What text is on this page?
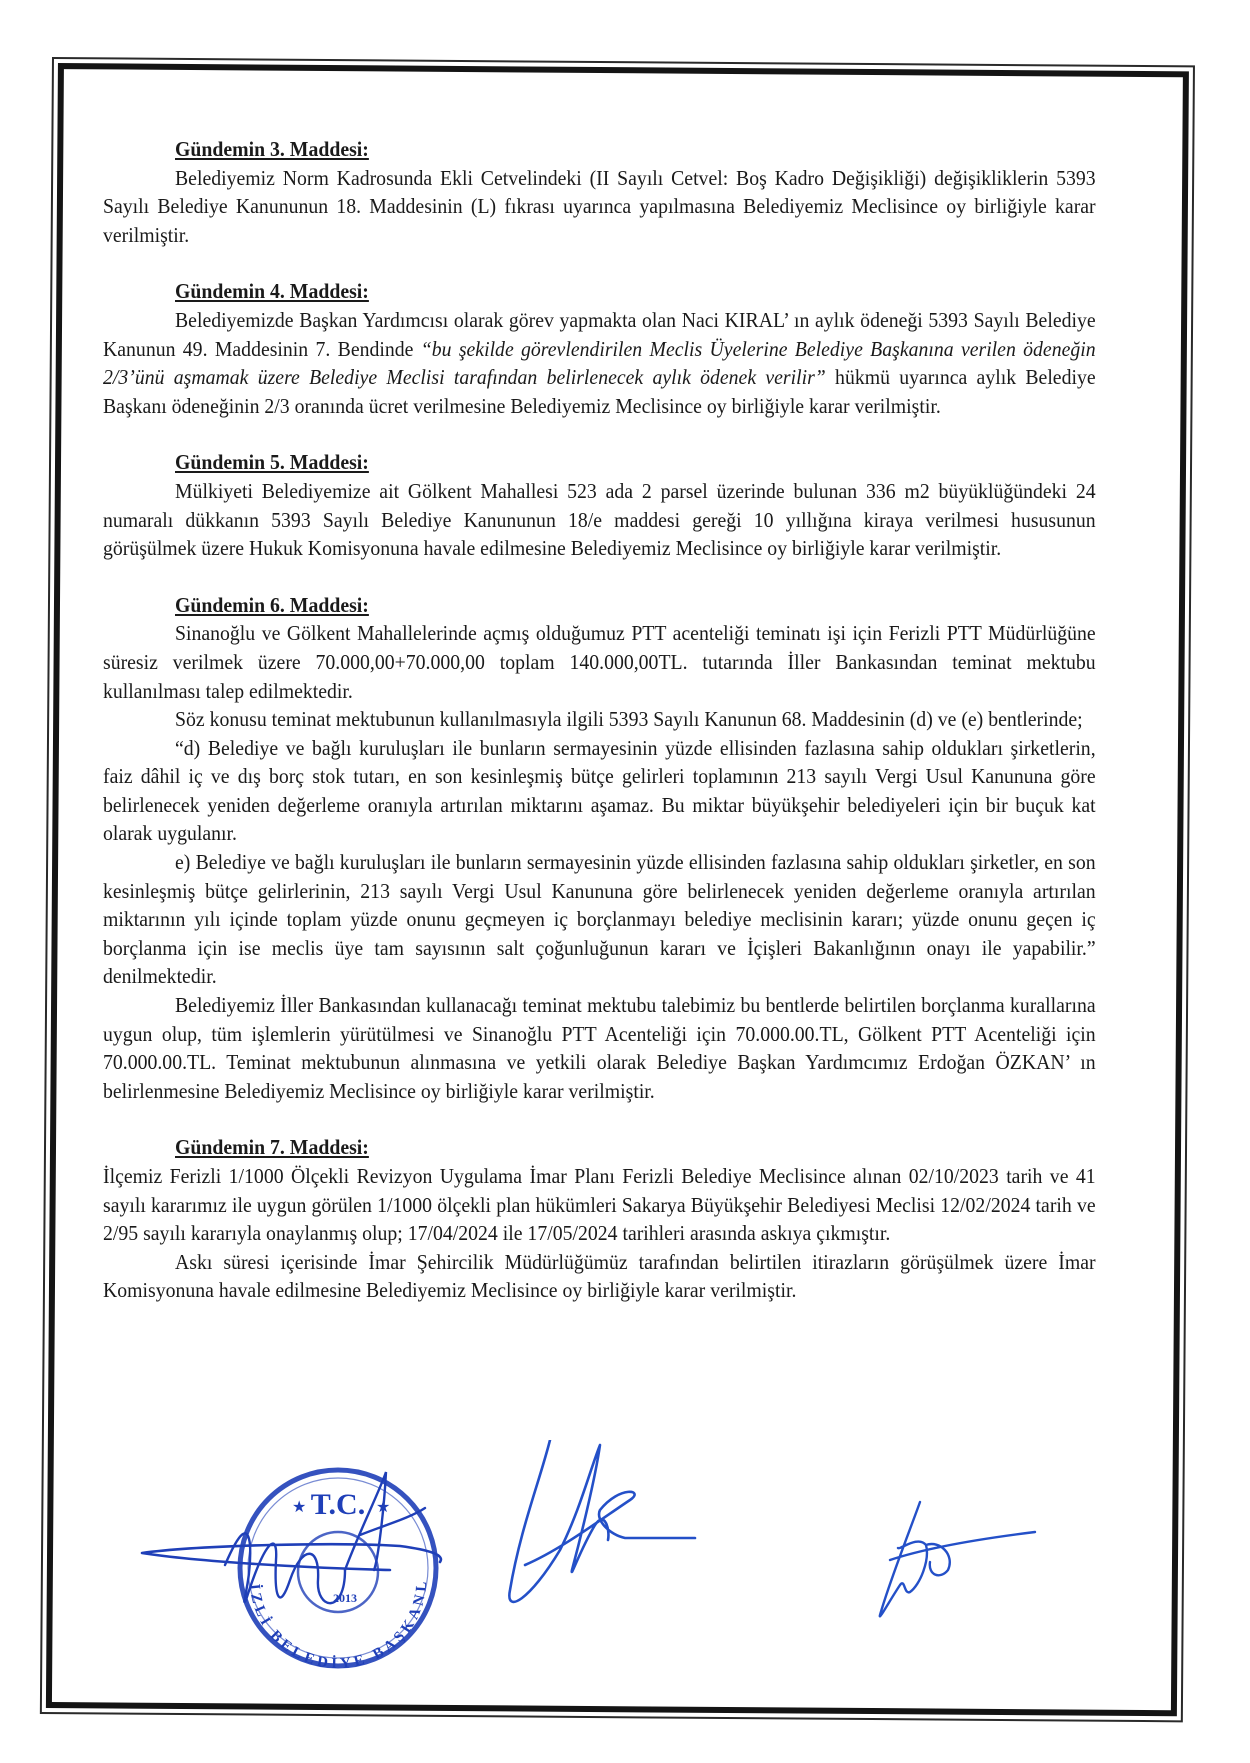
Gündemin 3. Maddesi:

Belediyemiz Norm Kadrosunda Ekli Cetvelindeki (II Sayılı Cetvel: Boş Kadro Değişikliği) değişikliklerin 5393 Sayılı Belediye Kanununun 18. Maddesinin (L) fıkrası uyarınca yapılmasına Belediyemiz Meclisince oy birliğiyle karar verilmiştir.

Gündemin 4. Maddesi:

Belediyemizde Başkan Yardımcısı olarak görev yapmakta olan Naci KIRAL’ ın aylık ödeneği 5393 Sayılı Belediye Kanunun 49. Maddesinin 7. Bendinde “bu şekilde görevlendirilen Meclis Üyelerine Belediye Başkanına verilen ödeneğin 2/3’ünü aşmamak üzere Belediye Meclisi tarafından belirlenecek aylık ödenek verilir” hükmü uyarınca aylık Belediye Başkanı ödeneğinin 2/3 oranında ücret verilmesine Belediyemiz Meclisince oy birliğiyle karar verilmiştir.

Gündemin 5. Maddesi:

Mülkiyeti Belediyemize ait Gölkent Mahallesi 523 ada 2 parsel üzerinde bulunan 336 m2 büyüklüğündeki 24 numaralı dükkanın 5393 Sayılı Belediye Kanununun 18/e maddesi gereği 10 yıllığına kiraya verilmesi hususunun görüşülmek üzere Hukuk Komisyonuna havale edilmesine Belediyemiz Meclisince oy birliğiyle karar verilmiştir.

Gündemin 6. Maddesi:

Sinanoğlu ve Gölkent Mahallelerinde açmış olduğumuz PTT acenteliği teminatı işi için Ferizli PTT Müdürlüğüne süresiz verilmek üzere 70.000,00+70.000,00 toplam 140.000,00TL. tutarında İller Bankasından teminat mektubu kullanılması talep edilmektedir.

Söz konusu teminat mektubunun kullanılmasıyla ilgili 5393 Sayılı Kanunun 68. Maddesinin (d) ve (e) bentlerinde;

“d) Belediye ve bağlı kuruluşları ile bunların sermayesinin yüzde ellisinden fazlasına sahip oldukları şirketlerin, faiz dâhil iç ve dış borç stok tutarı, en son kesinleşmiş bütçe gelirleri toplamının 213 sayılı Vergi Usul Kanununa göre belirlenecek yeniden değerleme oranıyla artırılan miktarını aşamaz. Bu miktar büyükşehir belediyeleri için bir buçuk kat olarak uygulanır.

e) Belediye ve bağlı kuruluşları ile bunların sermayesinin yüzde ellisinden fazlasına sahip oldukları şirketler, en son kesinleşmiş bütçe gelirlerinin, 213 sayılı Vergi Usul Kanununa göre belirlenecek yeniden değerleme oranıyla artırılan miktarının yılı içinde toplam yüzde onunu geçmeyen iç borçlanmayı belediye meclisinin kararı; yüzde onunu geçen iç borçlanma için ise meclis üye tam sayısının salt çoğunluğunun kararı ve İçişleri Bakanlığının onayı ile yapabilir.” denilmektedir.

Belediyemiz İller Bankasından kullanacağı teminat mektubu talebimiz bu bentlerde belirtilen borçlanma kurallarına uygun olup, tüm işlemlerin yürütülmesi ve Sinanoğlu PTT Acenteliği için 70.000.00.TL, Gölkent PTT Acenteliği için 70.000.00.TL. Teminat mektubunun alınmasına ve yetkili olarak Belediye Başkan Yardımcımız Erdoğan ÖZKAN’ ın belirlenmesine Belediyemiz Meclisince oy birliğiyle karar verilmiştir.

Gündemin 7. Maddesi:

İlçemiz Ferizli 1/1000 Ölçekli Revizyon Uygulama İmar Planı Ferizli Belediye Meclisince alınan 02/10/2023 tarih ve 41 sayılı kararımız ile uygun görülen 1/1000 ölçekli plan hükümleri Sakarya Büyükşehir Belediyesi Meclisi 12/02/2024 tarih ve 2/95 sayılı kararıyla onaylanmış olup; 17/04/2024 ile 17/05/2024 tarihleri arasında askıya çıkmıştır.

Askı süresi içerisinde İmar Şehircilik Müdürlüğümüz tarafından belirtilen itirazların görüşülmek üzere İmar Komisyonuna havale edilmesine Belediyemiz Meclisince oy birliğiyle karar verilmiştir.

T.C.
★	★
İZLİ BELEDİYE BAŞKANL
2013
